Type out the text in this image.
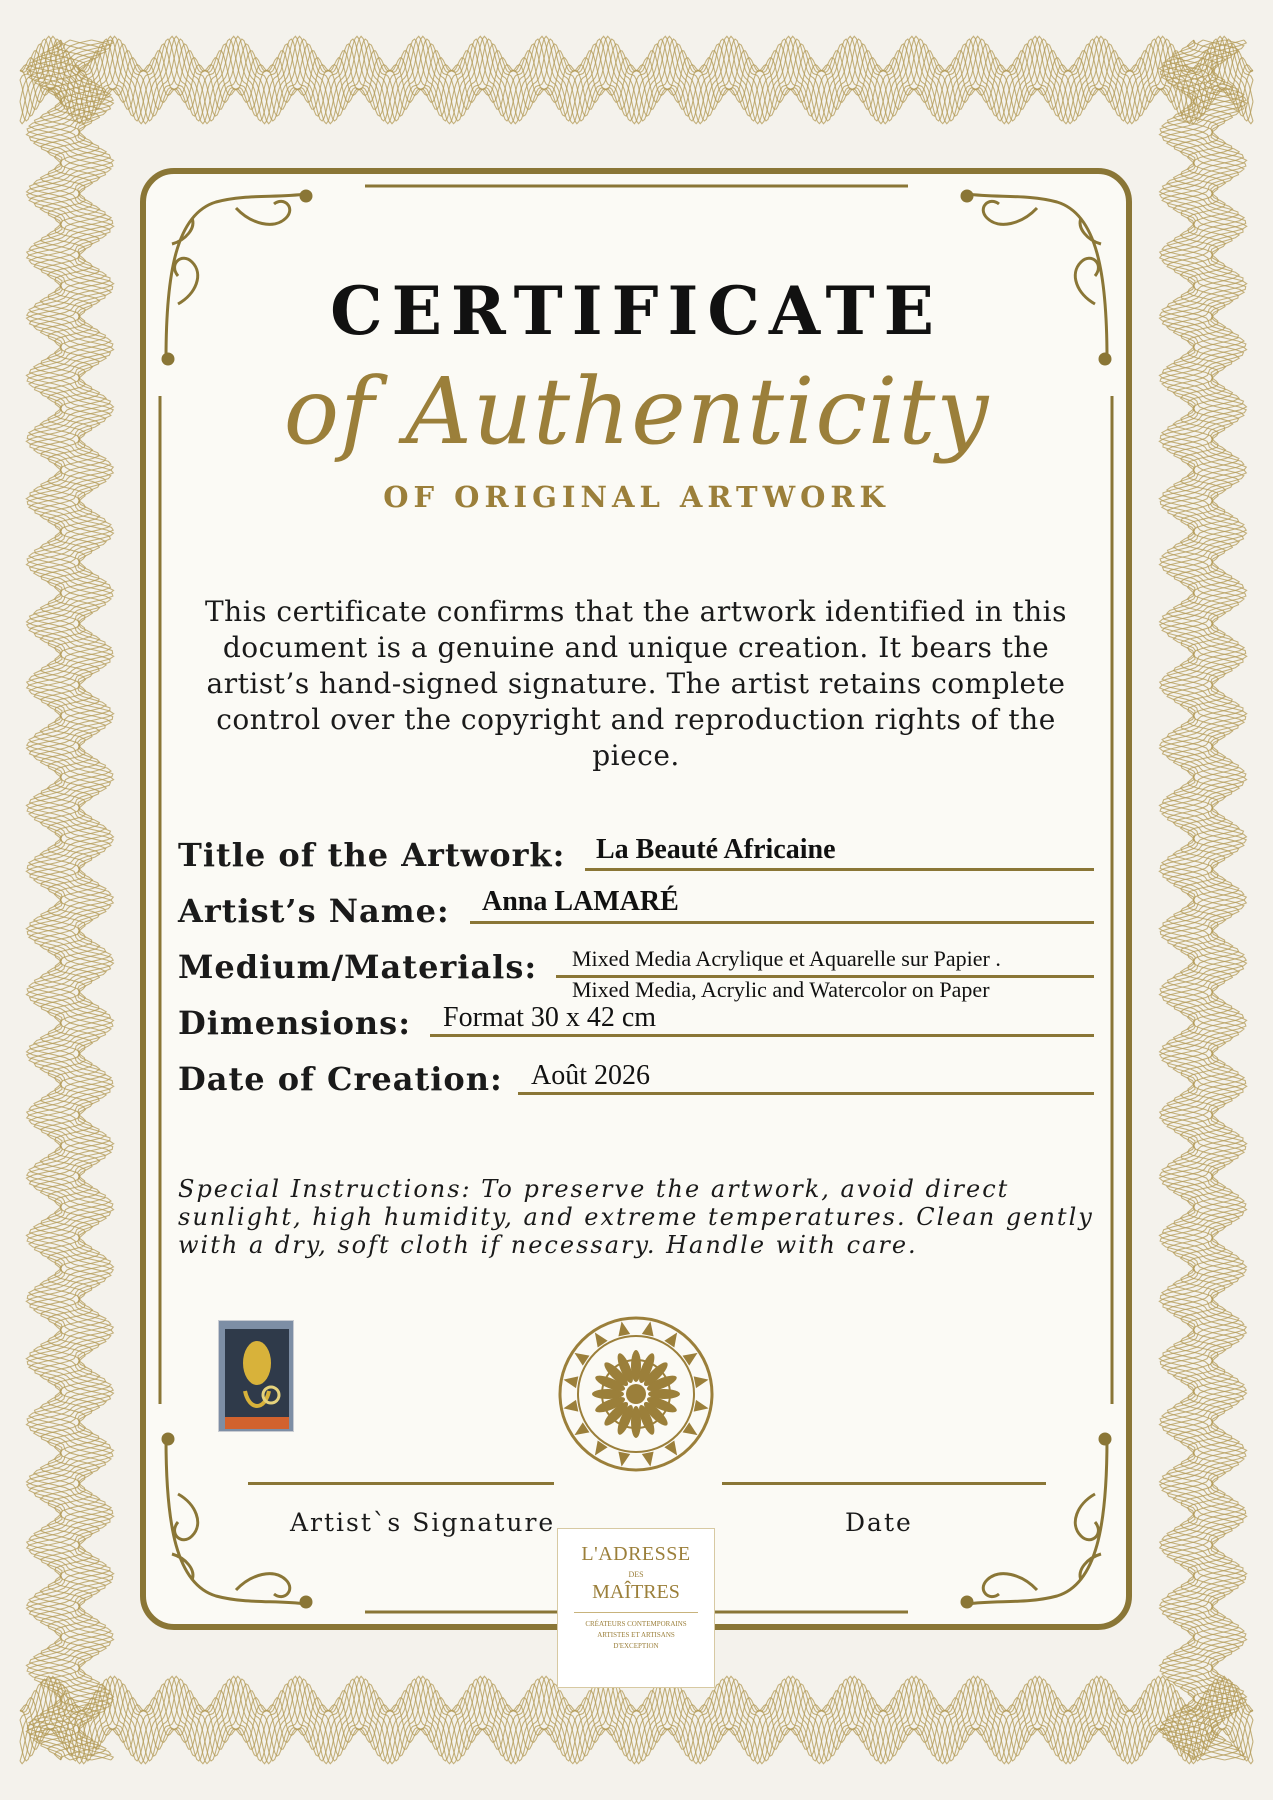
CERTIFICATE
of Authenticity
OF ORIGINAL ARTWORK
This certificate confirms that the artwork identified in this document is a genuine and unique creation. It bears the artist’s hand-signed signature. The artist retains complete control over the copyright and reproduction rights of the piece.
Title of the Artwork: La Beauté Africaine
Artist’s Name: Anna LAMARÉ
Medium/Materials: Mixed Media Acrylique et Aquarelle sur Papier .
Mixed Media, Acrylic and Watercolor on Paper
Dimensions: Format 30 x 42 cm
Date of Creation: Août 2026
Special Instructions: To preserve the artwork, avoid direct sunlight, high humidity, and extreme temperatures. Clean gently with a dry, soft cloth if necessary. Handle with care.
Artist`s Signature	Date
L'ADRESSE
DES
MAÎTRES
CRÉATEURS CONTEMPORAINS
ARTISTES ET ARTISANS
D'EXCEPTION
